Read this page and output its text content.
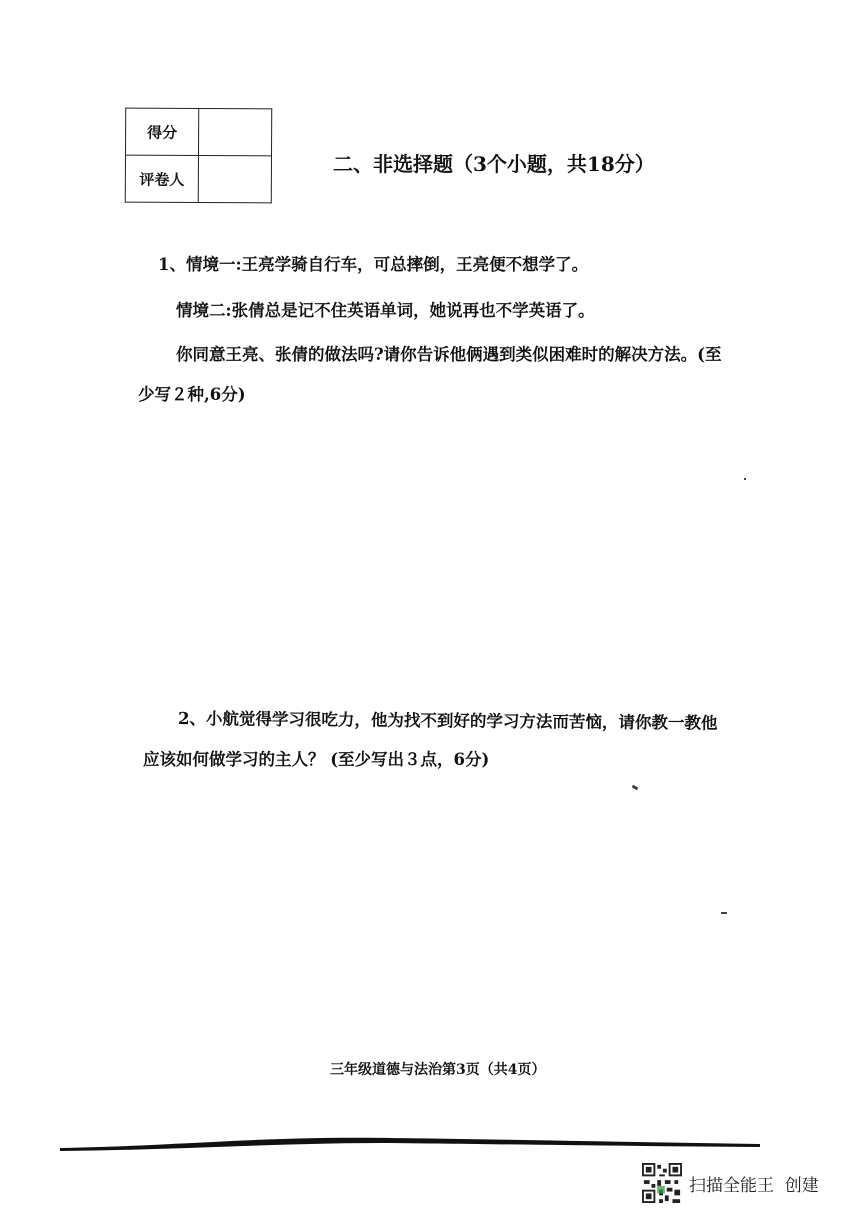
得分	
评卷人	
二、非选择题（3个小题，共18分）

1、情境一:王亮学骑自行车，可总摔倒，王亮便不想学了。

情境二:张倩总是记不住英语单词，她说再也不学英语了。

你同意王亮、张倩的做法吗?请你告诉他俩遇到类似困难时的解决方法。(至

少写２种,6分)

2、小航觉得学习很吃力，他为找不到好的学习方法而苦恼，请你教一教他

应该如何做学习的主人？ (至少写出３点，6分)

三年级道德与法治第3页（共4页）
扫描全能王  创建
